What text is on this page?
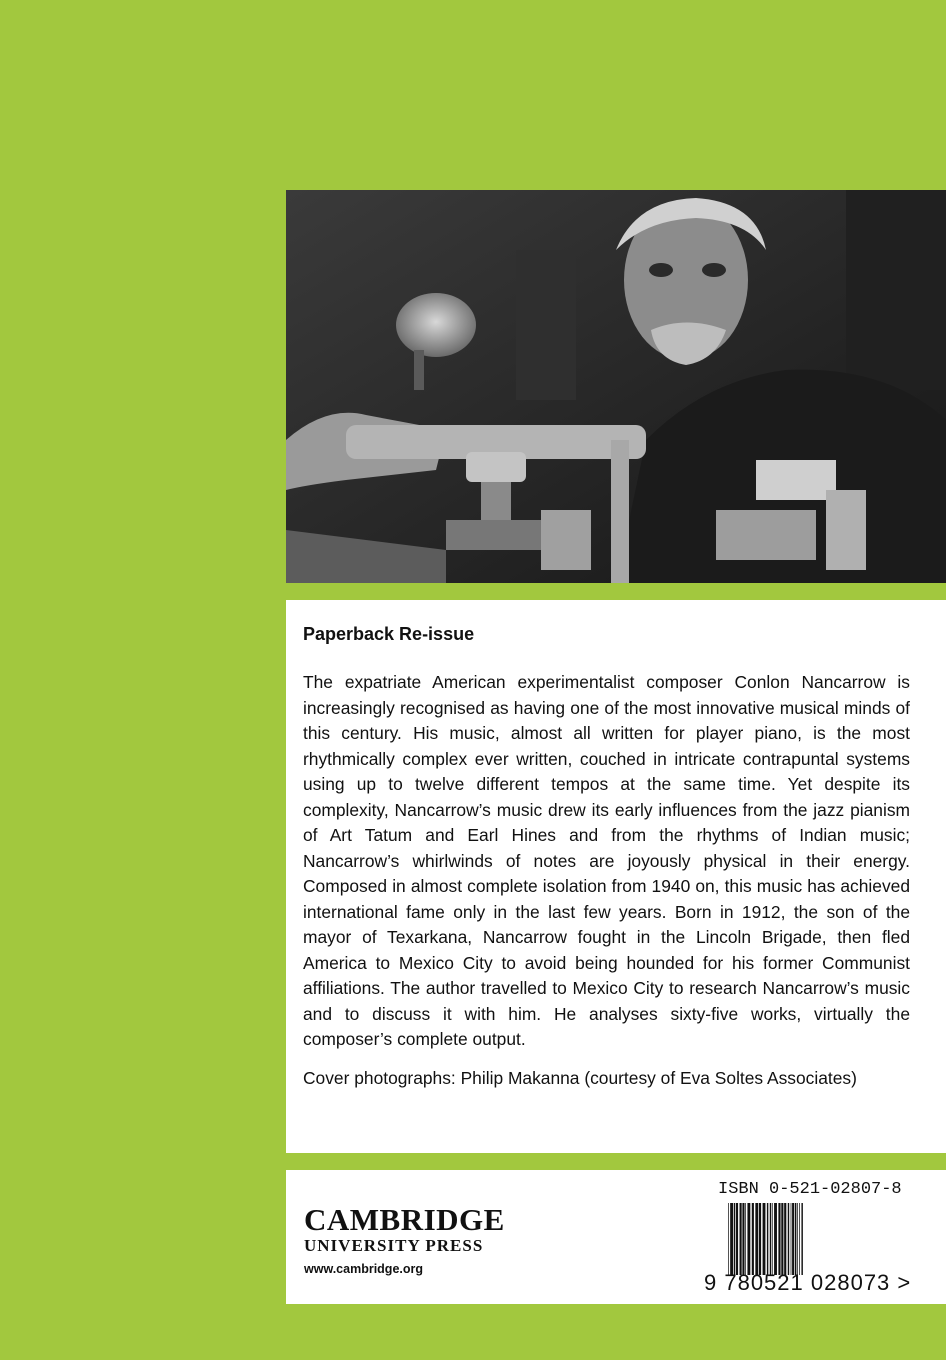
Paperback Re-issue

The expatriate American experimentalist composer Conlon Nancarrow is increasingly recognised as having one of the most innovative musical minds of this century. His music, almost all written for player piano, is the most rhythmically complex ever written, couched in intricate contrapuntal systems using up to twelve different tempos at the same time. Yet despite its complexity, Nancarrow’s music drew its early influences from the jazz pianism of Art Tatum and Earl Hines and from the rhythms of Indian music; Nancarrow’s whirlwinds of notes are joyously physical in their energy. Composed in almost complete isolation from 1940 on, this music has achieved international fame only in the last few years. Born in 1912, the son of the mayor of Texarkana, Nancarrow fought in the Lincoln Brigade, then fled America to Mexico City to avoid being hounded for his former Communist affiliations. The author travelled to Mexico City to research Nancarrow’s music and to discuss it with him. He analyses sixty-five works, virtually the composer’s complete output.

Cover photographs: Philip Makanna (courtesy of Eva Soltes Associates)
CAMBRIDGE
UNIVERSITY PRESS
www.cambridge.org
ISBN 0-521-02807-8
9 780521 028073 >
